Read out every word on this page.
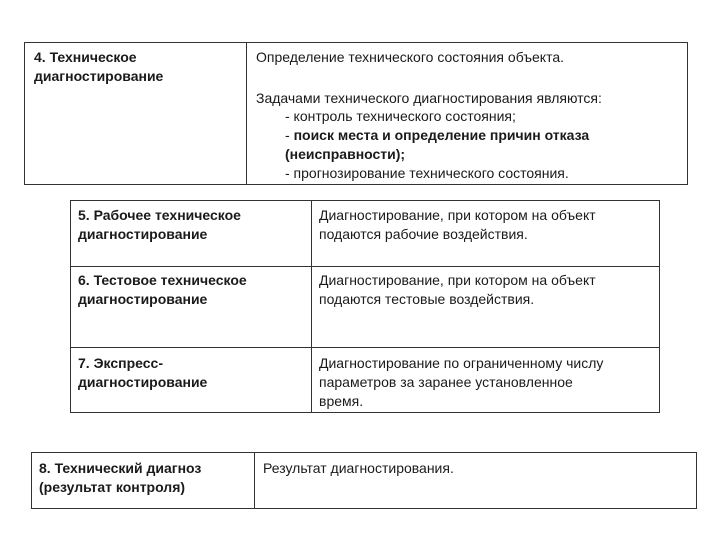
4. Техническое
диагностирование
Определение технического состояния объекта.
Задачами технического диагностирования являются:
- контроль технического состояния;
- поиск места и определение причин отказа
(неисправности);
- прогнозирование технического состояния.
5. Рабочее техническое
диагностирование
Диагностирование, при котором на объект
подаются рабочие воздействия.
6. Тестовое техническое
диагностирование
Диагностирование, при котором на объект
подаются тестовые воздействия.
7. Экспресс-
диагностирование
Диагностирование по ограниченному числу
параметров за заранее установленное
время.
8. Технический диагноз
(результат контроля)
Результат диагностирования.
